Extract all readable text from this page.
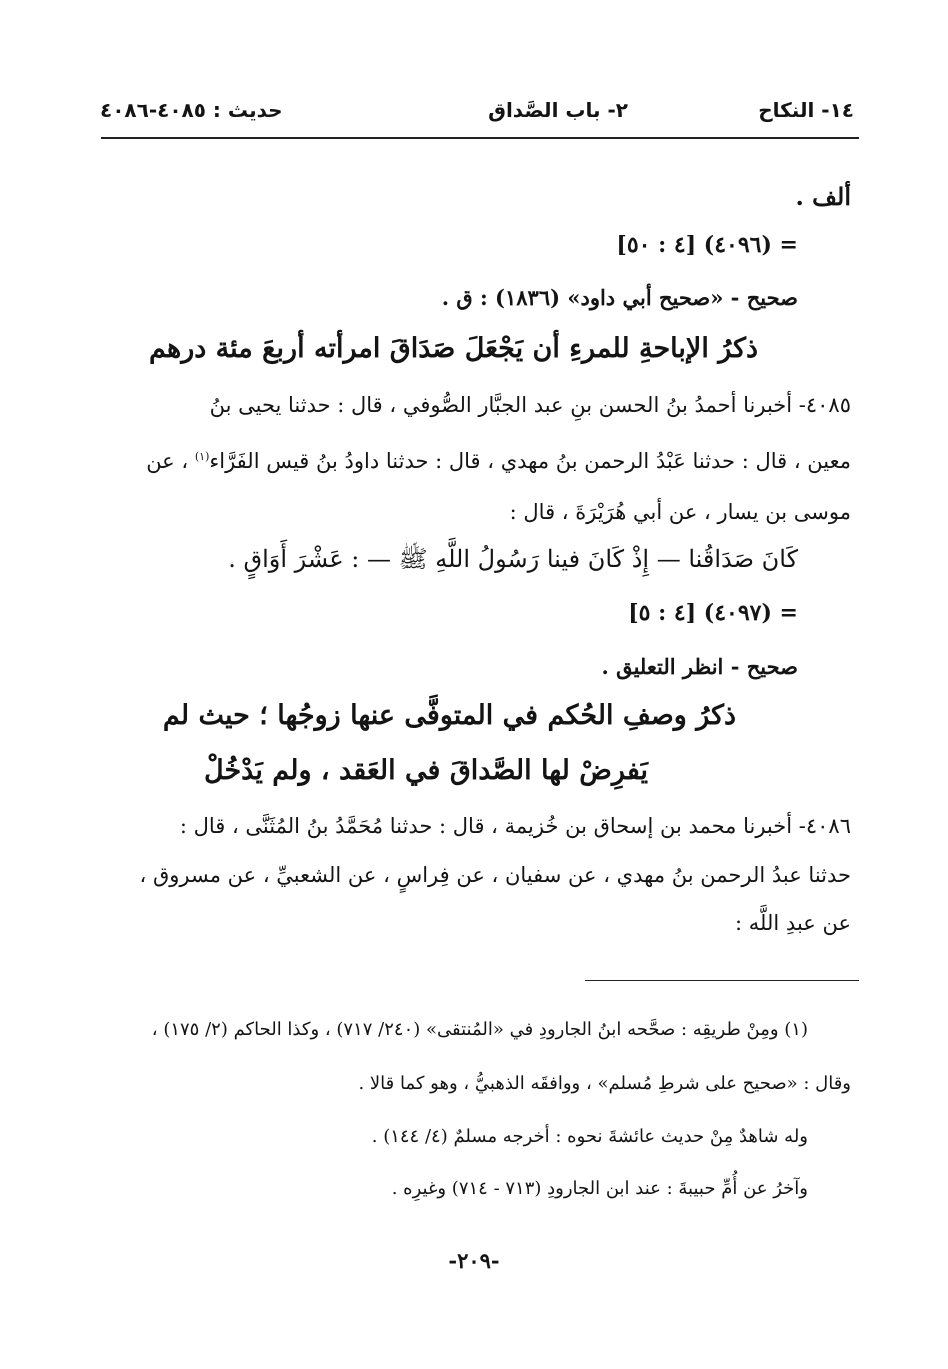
١٤- النكاح
٢- باب الصَّداق
حديث : ٤٠٨٥-٤٠٨٦
ألف .
= (٤٠٩٦) [٤ : ٥٠]
صحيح - «صحيح أبي داود» (١٨٣٦) : ق .
ذكرُ الإباحةِ للمرءِ أن يَجْعَلَ صَدَاقَ امرأته أربعَ مئة درهم
٤٠٨٥- أخبرنا أحمدُ بنُ الحسن بنِ عبد الجبَّار الصُّوفي ، قال : حدثنا يحيى بنُ
معين ، قال : حدثنا عَبْدُ الرحمن بنُ مهدي ، قال : حدثنا داودُ بنُ قيس الفَرَّاء$^{(١)}$ ، عن
موسى بن يسار ، عن أبي هُرَيْرَةَ ، قال :
كَانَ صَدَاقُنا — إِذْ كَانَ فينا رَسُولُ اللَّهِ ﷺ — : عَشْرَ أَوَاقٍ .
= (٤٠٩٧) [٤ : ٥]
صحيح - انظر التعليق .
ذكرُ وصفِ الحُكم في المتوفَّى عنها زوجُها ؛ حيث لم
يَفرِضْ لها الصَّداقَ في العَقد ، ولم يَدْخُلْ
٤٠٨٦- أخبرنا محمد بن إسحاق بن خُزيمة ، قال : حدثنا مُحَمَّدُ بنُ المُثَنَّى ، قال :
حدثنا عبدُ الرحمن بنُ مهدي ، عن سفيان ، عن فِراسٍ ، عن الشعبيِّ ، عن مسروق ،
عن عبدِ اللَّه :
(١) ومِنْ طريقِه : صحَّحه ابنُ الجارودِ في «المُنتقى» (٢٤٠/ ٧١٧) ، وكذا الحاكم (٢/ ١٧٥) ،
وقال : «صحيح على شرطِ مُسلم» ، ووافقَه الذهبيُّ ، وهو كما قالا .
وله شاهدٌ مِنْ حديث عائشةَ نحوه : أخرجه مسلمٌ (٤/ ١٤٤) .
وآخرُ عن أُمِّ حبيبةَ : عند ابن الجارودِ (٧١٣ - ٧١٤) وغيرِه .
-٢٠٩-
